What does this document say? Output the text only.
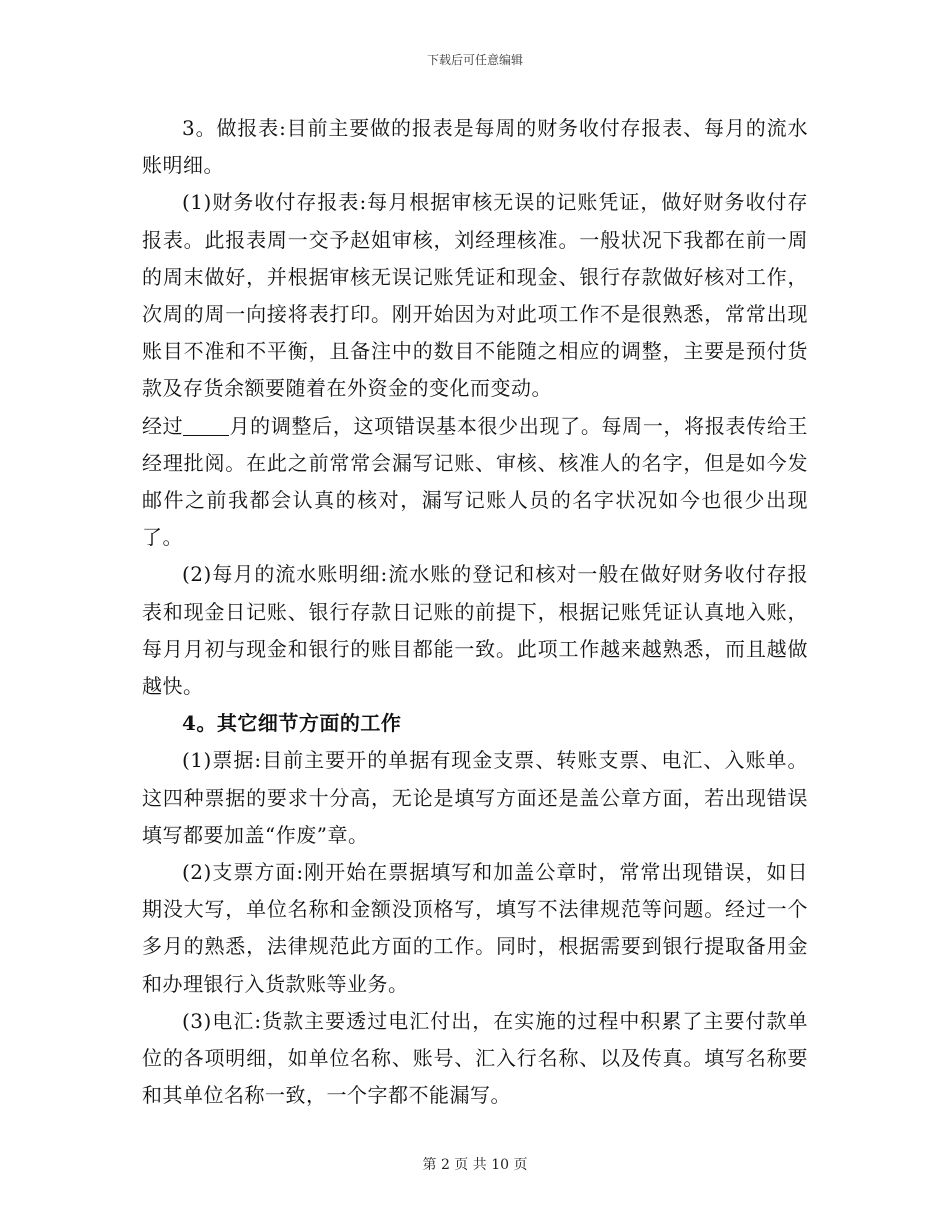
下载后可任意编辑

3。做报表:目前主要做的报表是每周的财务收付存报表、每月的流水账明细。

(1)财务收付存报表:每月根据审核无误的记账凭证，做好财务收付存报表。此报表周一交予赵姐审核，刘经理核准。一般状况下我都在前一周的周末做好，并根据审核无误记账凭证和现金、银行存款做好核对工作，次周的周一向接将表打印。刚开始因为对此项工作不是很熟悉，常常出现账目不准和不平衡，且备注中的数目不能随之相应的调整，主要是预付货款及存货余额要随着在外资金的变化而变动。

经过 月的调整后，这项错误基本很少出现了。每周一，将报表传给王经理批阅。在此之前常常会漏写记账、审核、核准人的名字，但是如今发邮件之前我都会认真的核对，漏写记账人员的名字状况如今也很少出现了。

(2)每月的流水账明细:流水账的登记和核对一般在做好财务收付存报表和现金日记账、银行存款日记账的前提下，根据记账凭证认真地入账，每月月初与现金和银行的账目都能一致。此项工作越来越熟悉，而且越做越快。

4。其它细节方面的工作

(1)票据:目前主要开的单据有现金支票、转账支票、电汇、入账单。这四种票据的要求十分高，无论是填写方面还是盖公章方面，若出现错误填写都要加盖“作废”章。

(2)支票方面:刚开始在票据填写和加盖公章时，常常出现错误，如日期没大写，单位名称和金额没顶格写，填写不法律规范等问题。经过一个多月的熟悉，法律规范此方面的工作。同时，根据需要到银行提取备用金和办理银行入货款账等业务。

(3)电汇:货款主要透过电汇付出，在实施的过程中积累了主要付款单位的各项明细，如单位名称、账号、汇入行名称、以及传真。填写名称要和其单位名称一致，一个字都不能漏写。

第 2 页 共 10 页
